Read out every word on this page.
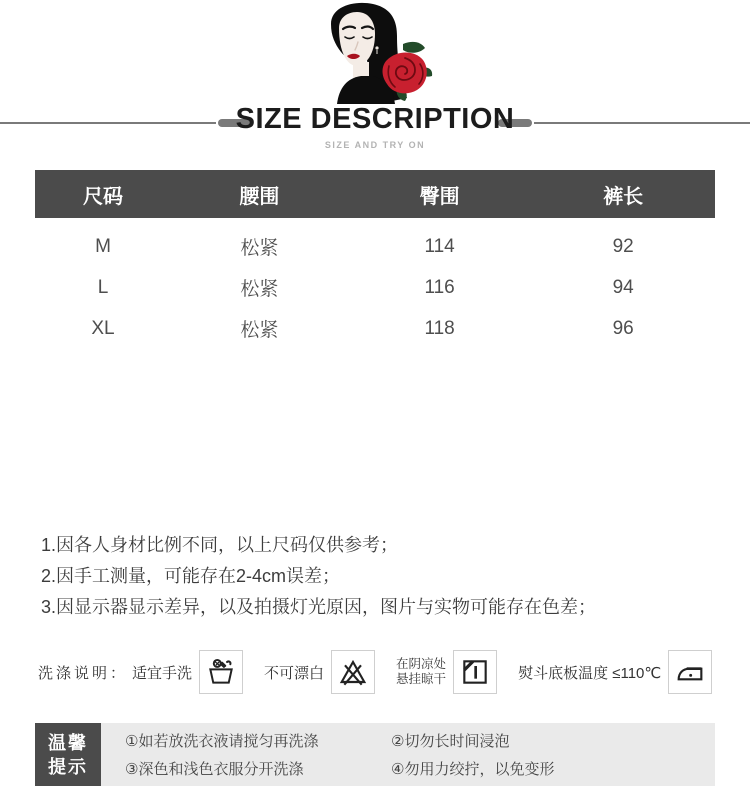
SIZE DESCRIPTION
SIZE AND TRY ON
尺码	腰围	臀围	裤长
M	松紧	114	92
L	松紧	116	94
XL	松紧	118	96
1.因各人身材比例不同，以上尺码仅供参考；
2.因手工测量，可能存在2-4cm误差；
3.因显示器显示差异，以及拍摄灯光原因，图片与实物可能存在色差；
洗涤说明： 适宜手洗	不可漂白
在阴凉处
悬挂晾干	熨斗底板温度 ≤110℃
温馨
提示
①如若放洗衣液请搅匀再洗涤	②切勿长时间浸泡
③深色和浅色衣服分开洗涤	④勿用力绞拧，以免变形
